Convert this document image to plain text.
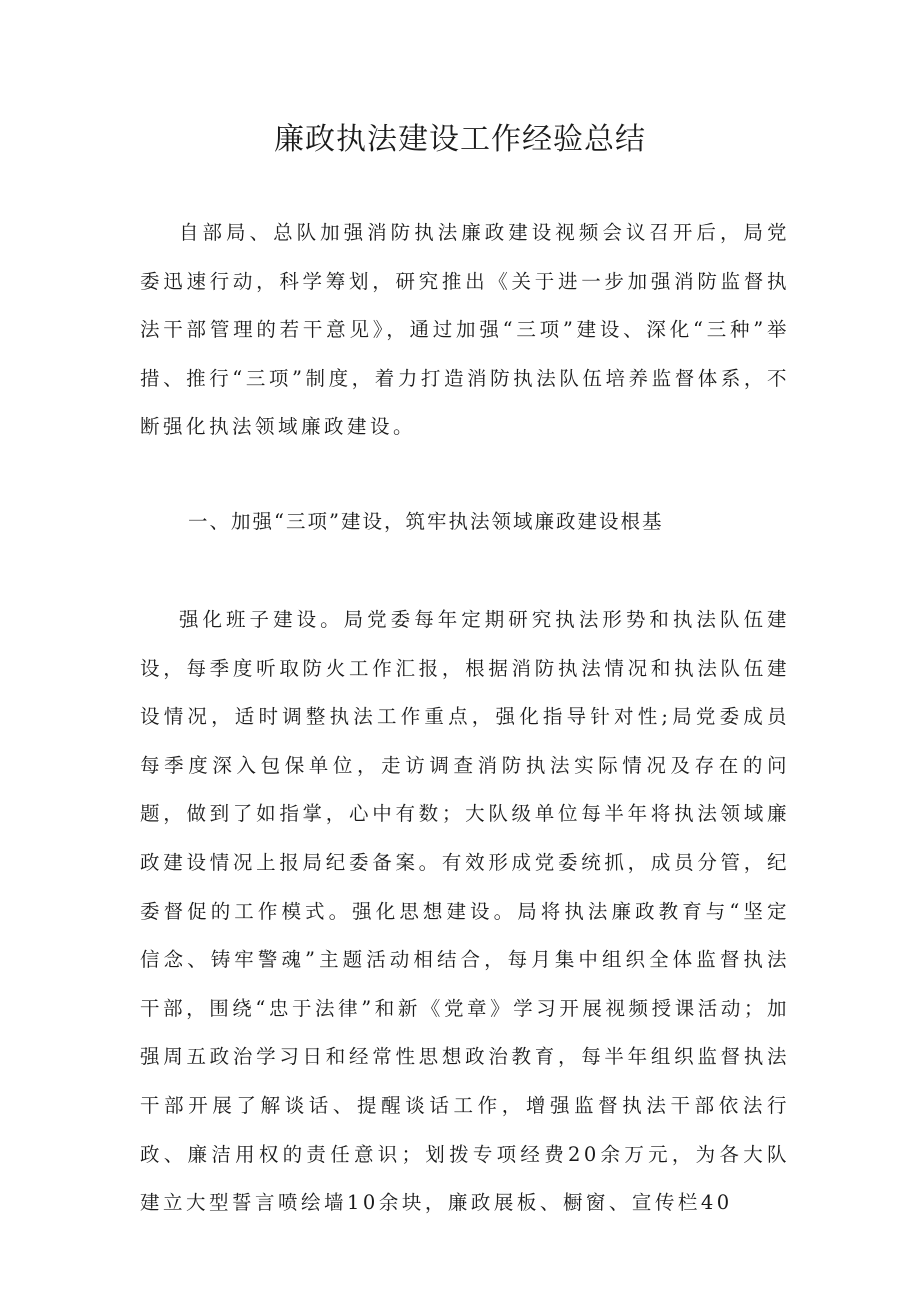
廉政执法建设工作经验总结

自部局、总队加强消防执法廉政建设视频会议召开后，局党委迅速行动，科学筹划，研究推出《关于进一步加强消防监督执法干部管理的若干意见》，通过加强“三项”建设、深化“三种”举措、推行“三项”制度，着力打造消防执法队伍培养监督体系，不断强化执法领域廉政建设。

一、加强“三项”建设，筑牢执法领域廉政建设根基

强化班子建设。局党委每年定期研究执法形势和执法队伍建设，每季度听取防火工作汇报，根据消防执法情况和执法队伍建设情况，适时调整执法工作重点，强化指导针对性;局党委成员每季度深入包保单位，走访调查消防执法实际情况及存在的问题，做到了如指掌，心中有数；大队级单位每半年将执法领域廉政建设情况上报局纪委备案。有效形成党委统抓，成员分管，纪委督促的工作模式。强化思想建设。局将执法廉政教育与“坚定信念、铸牢警魂”主题活动相结合，每月集中组织全体监督执法干部，围绕“忠于法律”和新《党章》学习开展视频授课活动；加强周五政治学习日和经常性思想政治教育，每半年组织监督执法干部开展了解谈话、提醒谈话工作，增强监督执法干部依法行政、廉洁用权的责任意识；划拨专项经费20余万元，为各大队建立大型誓言喷绘墙10余块，廉政展板、橱窗、宣传栏40
